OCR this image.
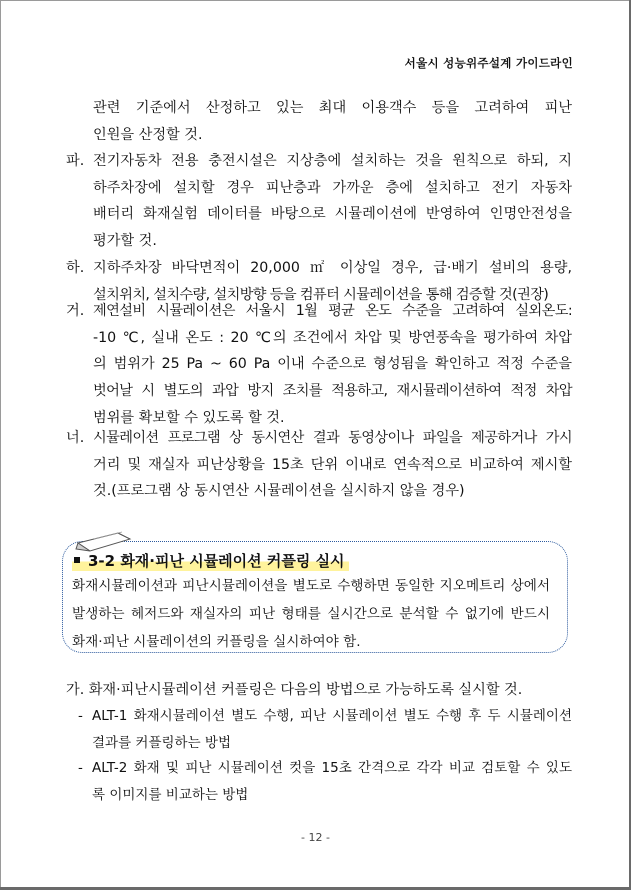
서울시 성능위주설계 가이드라인
관련 기준에서 산정하고 있는 최대 이용객수 등을 고려하여 피난
인원을 산정할 것.
파. 전기자동차 전용 충전시설은 지상층에 설치하는 것을 원칙으로 하되, 지
하주차장에 설치할 경우 피난층과 가까운 층에 설치하고 전기 자동차
배터리 화재실험 데이터를 바탕으로 시뮬레이션에 반영하여 인명안전성을
평가할 것.
하. 지하주차장 바닥면적이 20,000 ㎡ 이상일 경우, 급·배기 설비의 용량,
설치위치, 설치수량, 설치방향 등을 컴퓨터 시뮬레이션을 통해 검증할 것(권장)
거. 제연설비 시뮬레이션은 서울시 1월 평균 온도 수준을 고려하여 실외온도:
-10 ℃, 실내 온도 : 20 ℃의 조건에서 차압 및 방연풍속을 평가하여 차압
의 범위가 25 Pa ~ 60 Pa 이내 수준으로 형성됨을 확인하고 적정 수준을
벗어날 시 별도의 과압 방지 조치를 적용하고, 재시뮬레이션하여 적정 차압
범위를 확보할 수 있도록 할 것.
너. 시뮬레이션 프로그램 상 동시연산 결과 동영상이나 파일을 제공하거나 가시
거리 및 재실자 피난상황을 15초 단위 이내로 연속적으로 비교하여 제시할
것.(프로그램 상 동시연산 시뮬레이션을 실시하지 않을 경우)
3-2 화재·피난 시뮬레이션 커플링 실시
화재시뮬레이션과 피난시뮬레이션을 별도로 수행하면 동일한 지오메트리 상에서
발생하는 헤저드와 재실자의 피난 형태를 실시간으로 분석할 수 없기에 반드시
화재·피난 시뮬레이션의 커플링을 실시하여야 함.
가. 화재·피난시뮬레이션 커플링은 다음의 방법으로 가능하도록 실시할 것.
- ALT-1 화재시뮬레이션 별도 수행, 피난 시뮬레이션 별도 수행 후 두 시뮬레이션
결과를 커플링하는 방법
- ALT-2 화재 및 피난 시뮬레이션 컷을 15초 간격으로 각각 비교 검토할 수 있도
록 이미지를 비교하는 방법
- 12 -
